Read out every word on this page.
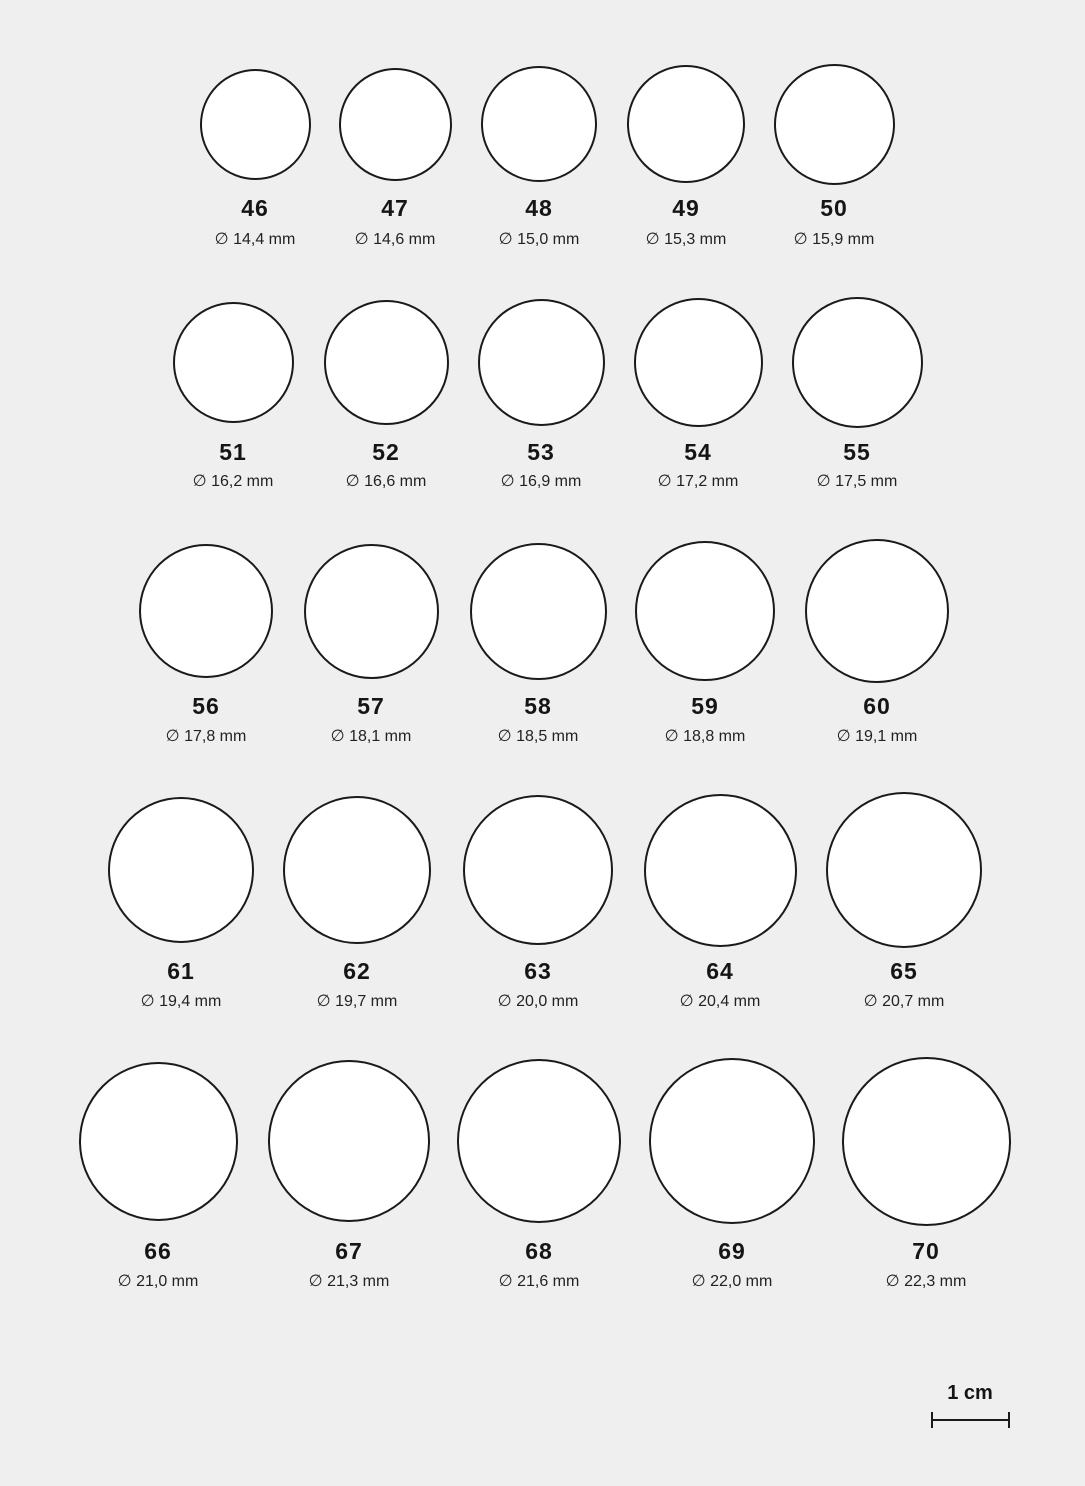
46
∅ 14,4 mm
47
∅ 14,6 mm
48
∅ 15,0 mm
49
∅ 15,3 mm
50
∅ 15,9 mm
51
∅ 16,2 mm
52
∅ 16,6 mm
53
∅ 16,9 mm
54
∅ 17,2 mm
55
∅ 17,5 mm
56
∅ 17,8 mm
57
∅ 18,1 mm
58
∅ 18,5 mm
59
∅ 18,8 mm
60
∅ 19,1 mm
61
∅ 19,4 mm
62
∅ 19,7 mm
63
∅ 20,0 mm
64
∅ 20,4 mm
65
∅ 20,7 mm
66
∅ 21,0 mm
67
∅ 21,3 mm
68
∅ 21,6 mm
69
∅ 22,0 mm
70
∅ 22,3 mm
1 cm
